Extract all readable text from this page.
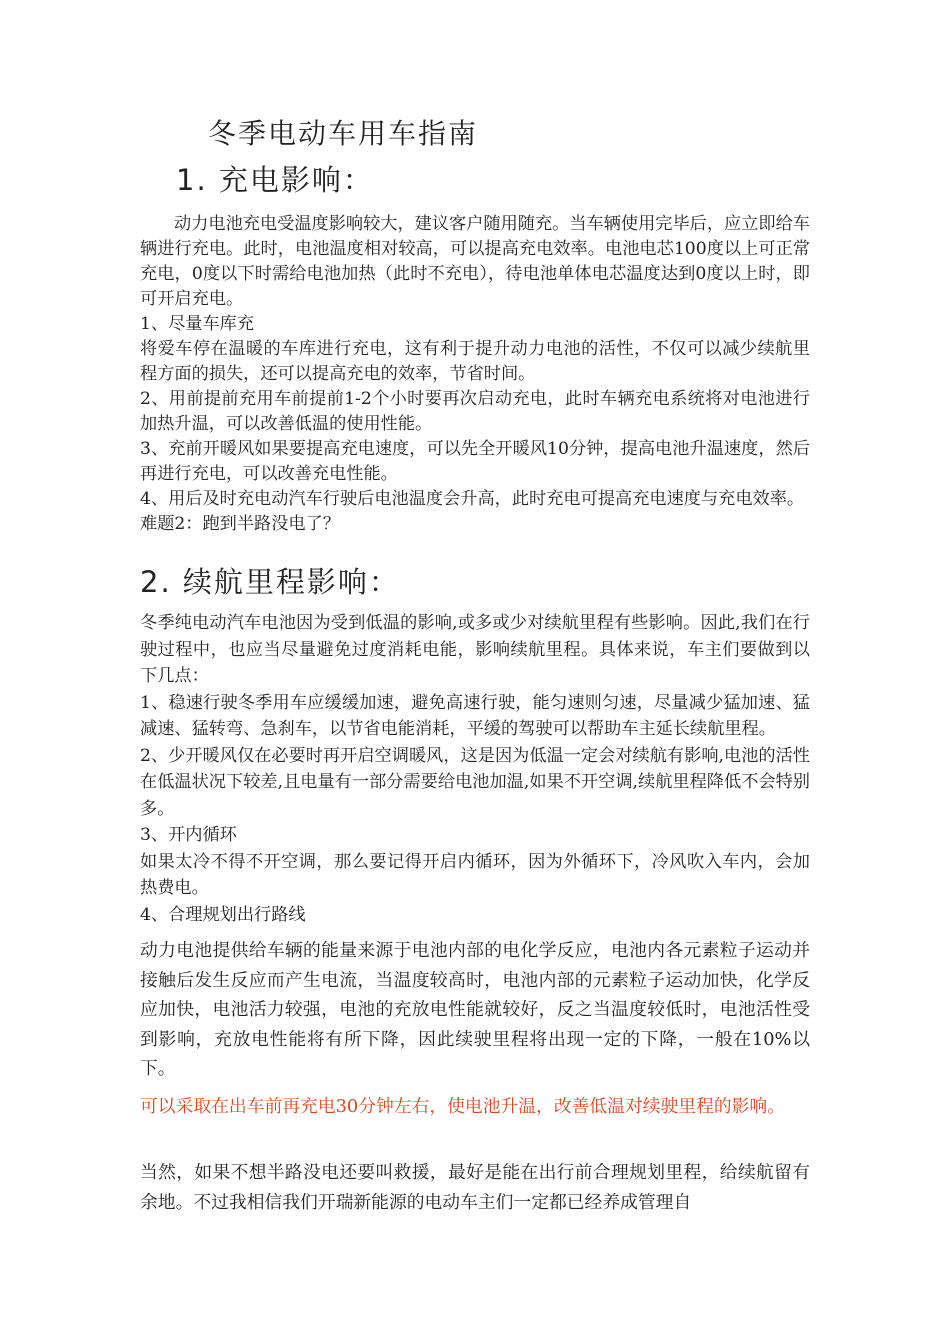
冬季电动车用车指南
1. 充电影响：

动力电池充电受温度影响较大，建议客户随用随充。当车辆使用完毕后，应立即给车辆进行充电。此时，电池温度相对较高，可以提高充电效率。电池电芯100度以上可正常充电，0度以下时需给电池加热（此时不充电），待电池单体电芯温度达到0度以上时，即可开启充电。

1、尽量车库充

将爱车停在温暖的车库进行充电，这有利于提升动力电池的活性，不仅可以减少续航里程方面的损失，还可以提高充电的效率，节省时间。

2、用前提前充用车前提前1-2个小时要再次启动充电，此时车辆充电系统将对电池进行加热升温，可以改善低温的使用性能。

3、充前开暖风如果要提高充电速度，可以先全开暖风10分钟，提高电池升温速度，然后再进行充电，可以改善充电性能。

4、用后及时充电动汽车行驶后电池温度会升高，此时充电可提高充电速度与充电效率。

难题2：跑到半路没电了？

2. 续航里程影响：

冬季纯电动汽车电池因为受到低温的影响,或多或少对续航里程有些影响。因此,我们在行驶过程中，也应当尽量避免过度消耗电能，影响续航里程。具体来说，车主们要做到以下几点：

1、稳速行驶冬季用车应缓缓加速，避免高速行驶，能匀速则匀速，尽量减少猛加速、猛减速、猛转弯、急刹车，以节省电能消耗，平缓的驾驶可以帮助车主延长续航里程。

2、少开暖风仅在必要时再开启空调暖风，这是因为低温一定会对续航有影响,电池的活性在低温状况下较差,且电量有一部分需要给电池加温,如果不开空调,续航里程降低不会特别多。

3、开内循环

如果太冷不得不开空调，那么要记得开启内循环，因为外循环下，冷风吹入车内，会加热费电。

4、合理规划出行路线

动力电池提供给车辆的能量来源于电池内部的电化学反应，电池内各元素粒子运动并接触后发生反应而产生电流，当温度较高时，电池内部的元素粒子运动加快，化学反应加快，电池活力较强，电池的充放电性能就较好，反之当温度较低时，电池活性受到影响，充放电性能将有所下降，因此续驶里程将出现一定的下降，一般在10%以下。

可以采取在出车前再充电30分钟左右，使电池升温，改善低温对续驶里程的影响。

当然，如果不想半路没电还要叫救援，最好是能在出行前合理规划里程，给续航留有余地。不过我相信我们开瑞新能源的电动车主们一定都已经养成管理自
